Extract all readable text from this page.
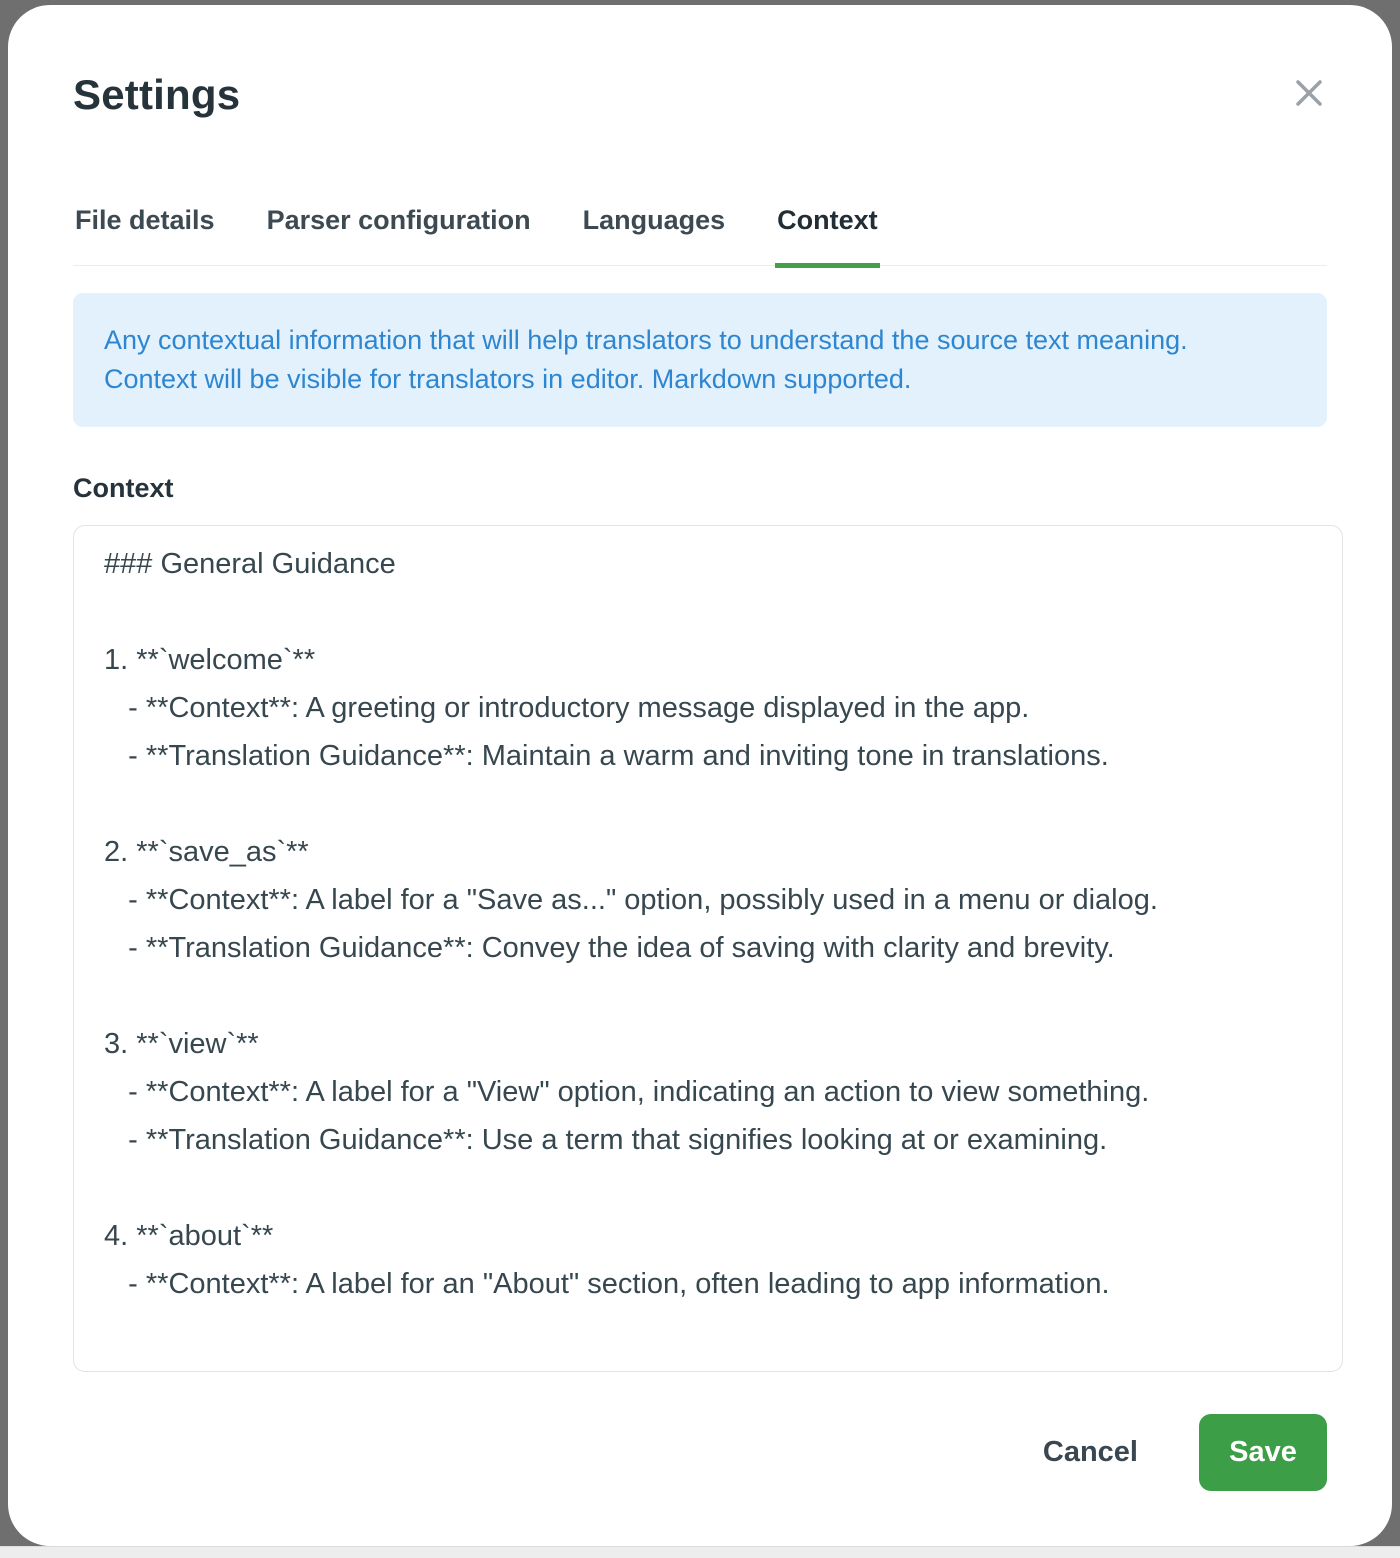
Settings
File details Parser configuration Languages Context
Any contextual information that will help translators to understand the source text meaning. Context will be visible for translators in editor. Markdown supported.
Context
### General Guidance 1. **`welcome`** - **Context**: A greeting or introductory message displayed in the app. - **Translation Guidance**: Maintain a warm and inviting tone in translations. 2. **`save_as`** - **Context**: A label for a "Save as..." option, possibly used in a menu or dialog. - **Translation Guidance**: Convey the idea of saving with clarity and brevity. 3. **`view`** - **Context**: A label for a "View" option, indicating an action to view something. - **Translation Guidance**: Use a term that signifies looking at or examining. 4. **`about`** - **Context**: A label for an "About" section, often leading to app information.
Cancel	Save
